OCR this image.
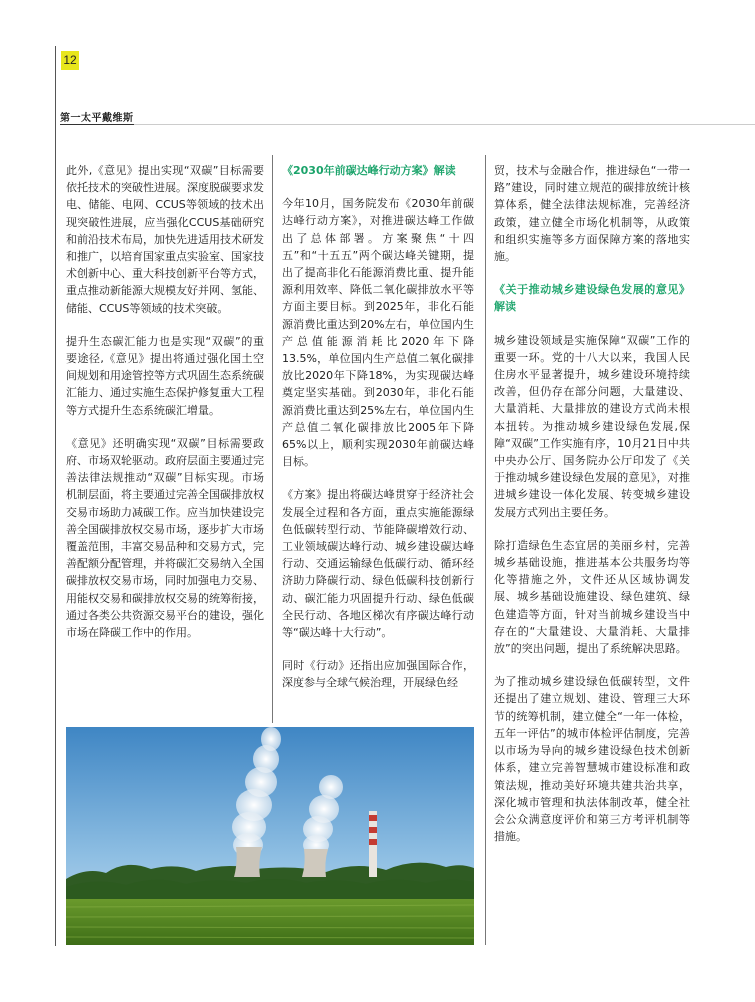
12
第一太平戴维斯

此外,《意见》提出实现“双碳”目标需要依托技术的突破性进展。深度脱碳要求发电、储能、电网、CCUS等领域的技术出现突破性进展，应当强化CCUS基础研究和前沿技术布局，加快先进适用技术研发和推广，以培育国家重点实验室、国家技术创新中心、重大科技创新平台等方式，重点推动新能源大规模友好并网、氢能、储能、CCUS等领域的技术突破。

提升生态碳汇能力也是实现“双碳”的重要途径,《意见》提出将通过强化国土空间规划和用途管控等方式巩固生态系统碳汇能力、通过实施生态保护修复重大工程等方式提升生态系统碳汇增量。

《意见》还明确实现“双碳”目标需要政府、市场双轮驱动。政府层面主要通过完善法律法规推动“双碳”目标实现。市场机制层面，将主要通过完善全国碳排放权交易市场助力减碳工作。应当加快建设完善全国碳排放权交易市场，逐步扩大市场覆盖范围，丰富交易品种和交易方式，完善配额分配管理，并将碳汇交易纳入全国碳排放权交易市场，同时加强电力交易、用能权交易和碳排放权交易的统筹衔接，通过各类公共资源交易平台的建设，强化市场在降碳工作中的作用。

《2030年前碳达峰行动方案》解读

今年10月，国务院发布《2030年前碳达峰行动方案》，对推进碳达峰工作做出了总体部署。方案聚焦“十四五”和“十五五”两个碳达峰关键期，提出了提高非化石能源消费比重、提升能源利用效率、降低二氧化碳排放水平等方面主要目标。到2025年，非化石能源消费比重达到20%左右，单位国内生产总值能源消耗比2020年下降13.5%，单位国内生产总值二氧化碳排放比2020年下降18%，为实现碳达峰奠定坚实基础。到2030年，非化石能源消费比重达到25%左右，单位国内生产总值二氧化碳排放比2005年下降65%以上，顺利实现2030年前碳达峰目标。

《方案》提出将碳达峰贯穿于经济社会发展全过程和各方面，重点实施能源绿色低碳转型行动、节能降碳增效行动、工业领域碳达峰行动、城乡建设碳达峰行动、交通运输绿色低碳行动、循环经济助力降碳行动、绿色低碳科技创新行动、碳汇能力巩固提升行动、绿色低碳全民行动、各地区梯次有序碳达峰行动等“碳达峰十大行动”。

同时《行动》还指出应加强国际合作，深度参与全球气候治理，开展绿色经

贸，技术与金融合作，推进绿色“一带一路”建设，同时建立规范的碳排放统计核算体系，健全法律法规标准，完善经济政策，建立健全市场化机制等，从政策和组织实施等多方面保障方案的落地实施。

《关于推动城乡建设绿色发展的意见》解读

城乡建设领域是实施保障“双碳”工作的重要一环。党的十八大以来，我国人民住房水平显著提升，城乡建设环境持续改善，但仍存在部分问题，大量建设、大量消耗、大量排放的建设方式尚未根本扭转。为推动城乡建设绿色发展,保障“双碳”工作实施有序，10月21日中共中央办公厅、国务院办公厅印发了《关于推动城乡建设绿色发展的意见》，对推进城乡建设一体化发展、转变城乡建设发展方式列出主要任务。

除打造绿色生态宜居的美丽乡村，完善城乡基础设施，推进基本公共服务均等化等措施之外，文件还从区域协调发展、城乡基础设施建设、绿色建筑、绿色建造等方面，针对当前城乡建设当中存在的“大量建设、大量消耗、大量排放”的突出问题，提出了系统解决思路。

为了推动城乡建设绿色低碳转型，文件还提出了建立规划、建设、管理三大环节的统筹机制，建立健全“一年一体检，五年一评估”的城市体检评估制度，完善以市场为导向的城乡建设绿色技术创新体系，建立完善智慧城市建设标准和政策法规，推动美好环境共建共治共享，深化城市管理和执法体制改革，健全社会公众满意度评价和第三方考评机制等措施。
